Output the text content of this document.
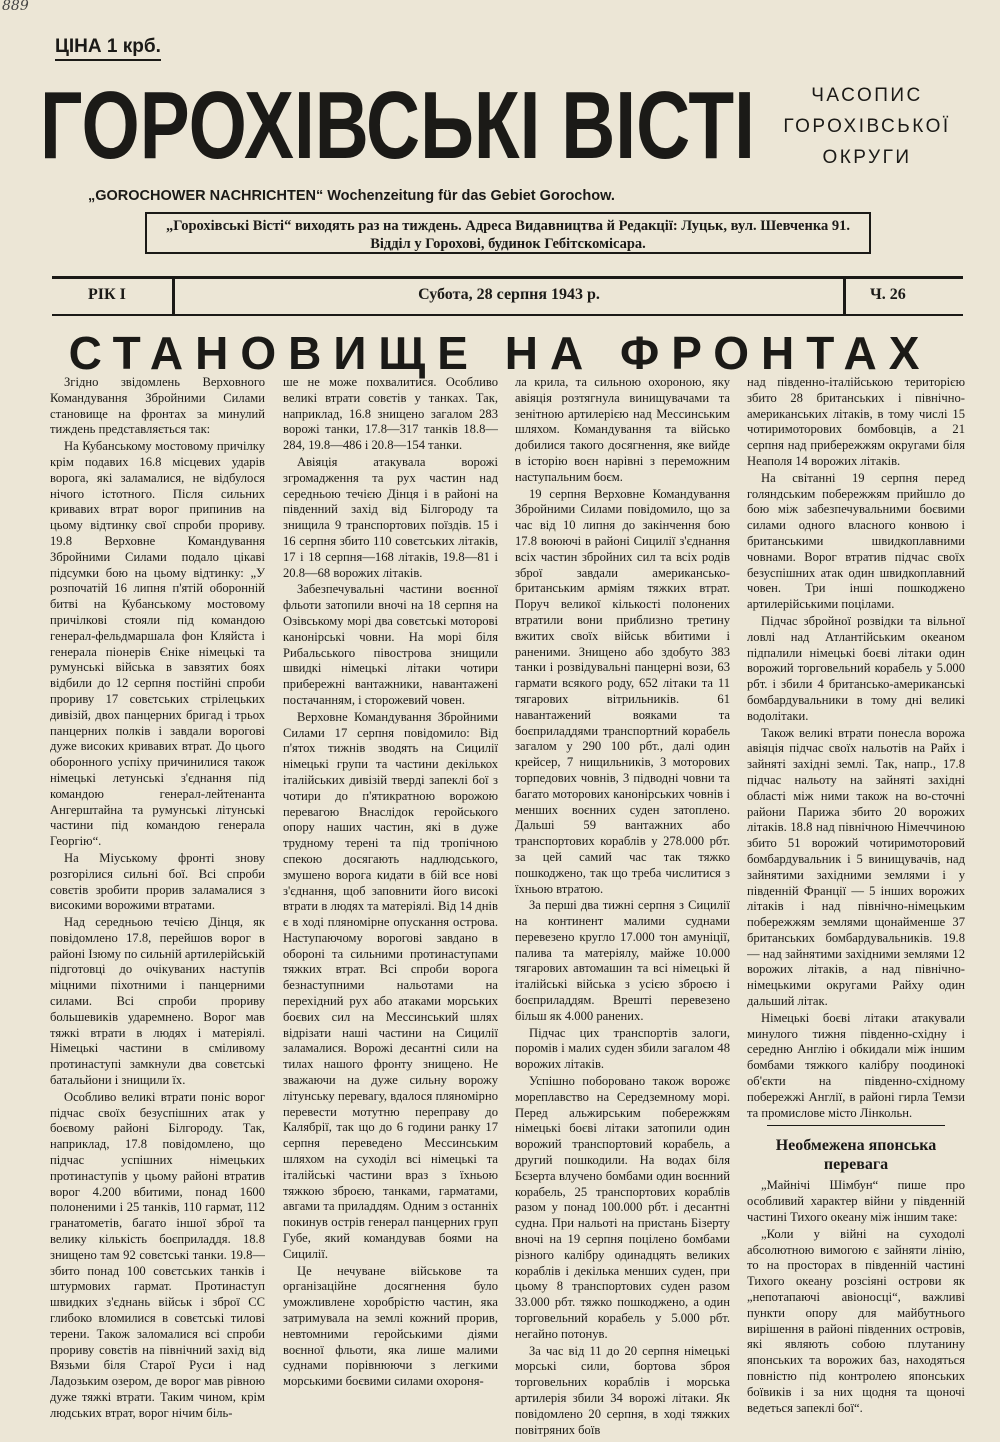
889
ЦІНА 1 крб.
ГОРОХІВСЬКІ ВІСТІ
„GOROCHOWER NACHRICHTEN“ Wochenzeitung für das Gebiet Gorochow.
ЧАСОПИС
ГОРОХІВСЬКОЇ
ОКРУГИ
„Горохівські Вісті“ виходять раз на тиждень. Адреса Видавництва й Редакції: Луцьк, вул. Шевченка 91.
Відділ у Горохові, будинок Гебітскомісара.
РІК І	Субота, 28 серпня 1943 р.	Ч. 26
СТАНОВИЩЕ НА ФРОНТАХ

Згідно звідомлень Верховного Командування Збройними Силами становище на фронтах за минулий тиждень представляється так:

На Кубанському мостовому причілку крім подавих 16.8 місцевих ударів ворога, які заламалися, не відбулося нічого істотного. Після сильних кривавих втрат ворог припинив на цьому відтинку свої спроби прориву. 19.8 Верховне Командування Збройними Силами подало цікаві підсумки бою на цьому відтинку: „У розпочатій 16 липня п'ятій оборонній битві на Кубанському мостовому причілкові стояли під командою генерал-фельдмаршала фон Кляйста і генерала піонерів Єніке німецькі та румунські війська в завзятих боях відбили до 12 серпня постійні спроби прориву 17 совєтських стрілецьких дивізій, двох панцерних бригад і трьох панцерних полків і завдали ворогові дуже високих кривавих втрат. До цього оборонного успіху причинилися також німецькі летунські з'єднання під командою генерал-лейтенанта Ангерштайна та румунські літунські частини під командою генерала Георгію“.

На Міуському фронті знову розгорілися сильні бої. Всі спроби совєтів зробити прорив заламалися з високими ворожими втратами.

Над середньою течією Дінця, як повідомлено 17.8, перейшов ворог в районі Ізюму по сильній артилерійській підготовці до очікуваних наступів міцними піхотними і панцерними силами. Всі спроби прориву большевиків ударемнено. Ворог мав тяжкі втрати в людях і матеріялі. Німецькі частини в сміливому протинаступі замкнули два совєтські батальйони і знищили їх.

Особливо великі втрати поніс ворог підчас своїх безуспішних атак у боєвому районі Білгороду. Так, наприклад, 17.8 повідомлено, що підчас успішних німецьких протинаступів у цьому районі втратив ворог 4.200 вбитими, понад 1600 полоненими і 25 танків, 110 гармат, 112 гранатометів, багато іншої зброї та велику кількість боєприладдя. 18.8 знищено там 92 совєтські танки. 19.8—збито понад 100 совєтських танків і штурмових гармат. Протинаступ швидких з'єднань військ і зброї СС глибоко вломилися в совєтські тилові терени. Також заломалися всі спроби прориву совєтів на північний захід від Вязьми біля Старої Руси і над Ладозьким озером, де ворог мав рівною дуже тяжкі втрати. Таким чином, крім людських втрат, ворог нічим біль-

ше не може похвалитися. Особливо великі втрати совєтів у танках. Так, наприклад, 16.8 знищено загалом 283 ворожі танки, 17.8—317 танків 18.8—284, 19.8—486 і 20.8—154 танки.

Авіяція атакувала ворожі згромадження та рух частин над середньою течією Дінця і в районі на південний захід від Білгороду та знищила 9 транспортових поїздів. 15 і 16 серпня збито 110 совєтських літаків, 17 і 18 серпня—168 літаків, 19.8—81 і 20.8—68 ворожих літаків.

Забезпечувальні частини воєнної фльоти затопили вночі на 18 серпня на Озівському морі два совєтські моторові канонірські човни. На морі біля Рибальського півострова знищили швидкі німецькі літаки чотири прибережні вантажники, навантажені постачанням, і сторожевий човен.

Верховне Командування Збройними Силами 17 серпня повідомило: Від п'ятох тижнів зводять на Сицилії німецькі групи та частини декількох італійських дивізій тверді запеклі бої з чотири до п'ятикратною ворожою перевагою Внаслідок геройського опору наших частин, які в дуже трудному терені та під тропічною спекою досягають надлюдського, змушено ворога кидати в бій все нові з'єднання, щоб заповнити його високі втрати в людях та матеріялі. Від 14 днів є в ході пляномірне опускання острова. Наступаючому ворогові завдано в обороні та сильними протинаступами тяжких втрат. Всі спроби ворога безнаступними нальотами на перехідний рух або атаками морських боєвих сил на Мессинський шлях відрізати наші частини на Сицилії заламалися. Ворожі десантні сили на тилах нашого фронту знищено. Не зважаючи на дуже сильну ворожу літунську перевагу, вдалося пляномірно перевести мотутню переправу до Калябрії, так що до 6 години ранку 17 серпня переведено Мессинським шляхом на суходіл всі німецькі та італійські частини враз з їхньою тяжкою зброєю, танками, гарматами, авгами та приладдям. Одним з останніх покинув острів генерал панцерних груп Губе, який командував боями на Сицилії.

Це нечуване військове та організаційне досягнення було уможливлене хоробрістю частин, яка затримувала на землі кожний прорив, невтомними геройськими діями воєнної фльоти, яка лише малими суднами порівнюючи з легкими морськими боєвими силами охороня-

ла крила, та сильною охороною, яку авіяція розтягнула винищувачами та зенітною артилерією над Мессинським шляхом. Командування та військо добилися такого досягнення, яке вийде в історію воєн нарівні з переможним наступальним боєм.

19 серпня Верховне Командування Збройними Силами повідомило, що за час від 10 липня до закінчення бою 17.8 воюючі в районі Сицилії з'єднання всіх частин збройних сил та всіх родів зброї завдали американсько-британським арміям тяжких втрат. Поруч великої кількості полонених втратили вони приблизно третину вжитих своїх військ вбитими і раненими. Знищено або здобуто 383 танки і розвідувальні панцерні вози, 63 гармати всякого роду, 652 літаки та 11 тягарових вітрильників. 61 навантажений вояками та боєприладдями транспортний корабель загалом у 290 100 рбт., далі один крейсер, 7 нищильників, 3 моторових торпедових човнів, 3 підводні човни та багато моторових канонірських човнів і менших воєнних суден затоплено. Дальші 59 вантажних або транспортових кораблів у 278.000 рбт. за цей самий час так тяжко пошкоджено, так що треба числитися з їхньою втратою.

За перші два тижні серпня з Сицилії на континент малими суднами перевезено кругло 17.000 тон амуніції, палива та матеріялу, майже 10.000 тягарових автомашин та всі німецькі й італійські війська з усією зброєю і боєприладдям. Врешті перевезено більш як 4.000 ранених.

Підчас цих транспортів залоги, поромів і малих суден збили загалом 48 ворожих літаків.

Успішно поборовано також ворожє мореплавство на Середземному морі. Перед альжирським побережжям німецькі боєві літаки затопили один ворожий транспортовий корабель, а другий пошкодили. На водах біля Бєзерта влучено бомбами один воєнний корабель, 25 транспортових кораблів разом у понад 100.000 рбт. і десантні судна. При нальоті на пристань Бізерту вночі на 19 серпня поцілено бомбами різного калібру одинадцять великих кораблів і декілька менших суден, при цьому 8 транспортових суден разом 33.000 рбт. тяжко пошкоджено, а один торговельний корабель у 5.000 рбт. негайно потонув.

За час від 11 до 20 серпня німецькі морські сили, бортова зброя торговельних кораблів і морська артилерія збили 34 ворожі літаки. Як повідомлено 20 серпня, в ході тяжких повітряних боїв

над південно-італійською територією збито 28 британських і північно-американських літаків, в тому числі 15 чотиримоторових бомбовців, а 21 серпня над прибережжям округами біля Неаполя 14 ворожих літаків.

На світанні 19 серпня перед голяндським побережжям прийшло до бою між забезпечувальними боєвими силами одного власного конвою і британськими швидкоплавними човнами. Ворог втратив підчас своїх безуспішних атак один швидкоплавний човен. Три інші пошкоджено артилерійськими поцілами.

Підчас збройної розвідки та вільної ловлі над Атлантійським океаном підпалили німецькі боєві літаки один ворожий торговельний корабель у 5.000 рбт. і збили 4 британсько-американські бомбардувальники в тому дні великі водолітаки.

Також великі втрати понесла ворожа авіяція підчас своїх нальотів на Райх і зайняті західні землі. Так, напр., 17.8 підчас нальоту на зайняті західні області між ними також на во-сточні райони Парижа збито 20 ворожих літаків. 18.8 над північною Німеччиною збито 51 ворожий чотиримоторовий бомбардувальник і 5 винищувачів, над зайнятими західними землями і у південній Франції — 5 інших ворожих літаків і над північно-німецьким побережжям землями щонайменше 37 британських бомбардувальників. 19.8 — над зайнятими західними землями 12 ворожих літаків, а над північно-німецькими округами Райху один дальший літак.

Німецькі боєві літаки атакували минулого тижня південно-східну і середню Англію і обкидали між іншим бомбами тяжкого калібру поодинокі об'єкти на південно-східному побережжі Англії, в районі гирла Темзи та промислове місто Лінкольн.

Необмежена японська перевага

„Майнічі Шімбун“ пише про особливий характер війни у південній частині Тихого океану між іншим таке:

„Коли у війні на суходолі абсолютною вимогою є зайняти лінію, то на просторах в південній частині Тихого океану розсіяні острови як „непотапаючі авіоносці“, важливі пункти опору для майбутнього вирішення в районі південних островів, які являють собою плутанину японських та ворожих баз, находяться повністю під контролею японських боївиків і за них щодня та щоночі ведеться запеклі бої“.
